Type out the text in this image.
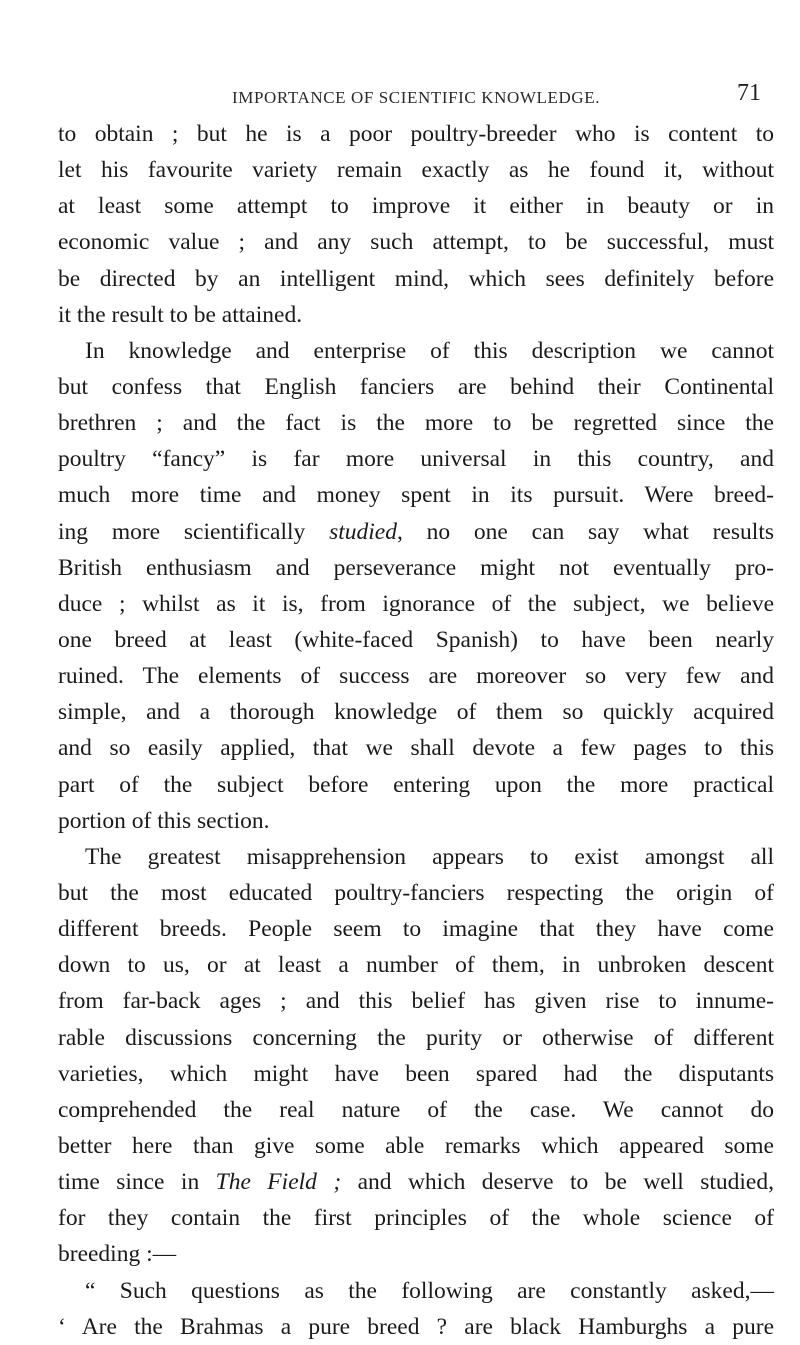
IMPORTANCE OF SCIENTIFIC KNOWLEDGE.	71
to obtain ; but he is a poor poultry-breeder who is content to
let his favourite variety remain exactly as he found it, without
at least some attempt to improve it either in beauty or in
economic value ; and any such attempt, to be successful, must
be directed by an intelligent mind, which sees definitely before
it the result to be attained.
In knowledge and enterprise of this description we cannot
but confess that English fanciers are behind their Continental
brethren ; and the fact is the more to be regretted since the
poultry “fancy” is far more universal in this country, and
much more time and money spent in its pursuit. Were breed-
ing more scientifically studied, no one can say what results
British enthusiasm and perseverance might not eventually pro-
duce ; whilst as it is, from ignorance of the subject, we believe
one breed at least (white-faced Spanish) to have been nearly
ruined. The elements of success are moreover so very few and
simple, and a thorough knowledge of them so quickly acquired
and so easily applied, that we shall devote a few pages to this
part of the subject before entering upon the more practical
portion of this section.
The greatest misapprehension appears to exist amongst all
but the most educated poultry-fanciers respecting the origin of
different breeds. People seem to imagine that they have come
down to us, or at least a number of them, in unbroken descent
from far-back ages ; and this belief has given rise to innume-
rable discussions concerning the purity or otherwise of different
varieties, which might have been spared had the disputants
comprehended the real nature of the case. We cannot do
better here than give some able remarks which appeared some
time since in The Field ; and which deserve to be well studied,
for they contain the first principles of the whole science of
breeding :—
“ Such questions as the following are constantly asked,—
‘ Are the Brahmas a pure breed ? are black Hamburghs a pure
